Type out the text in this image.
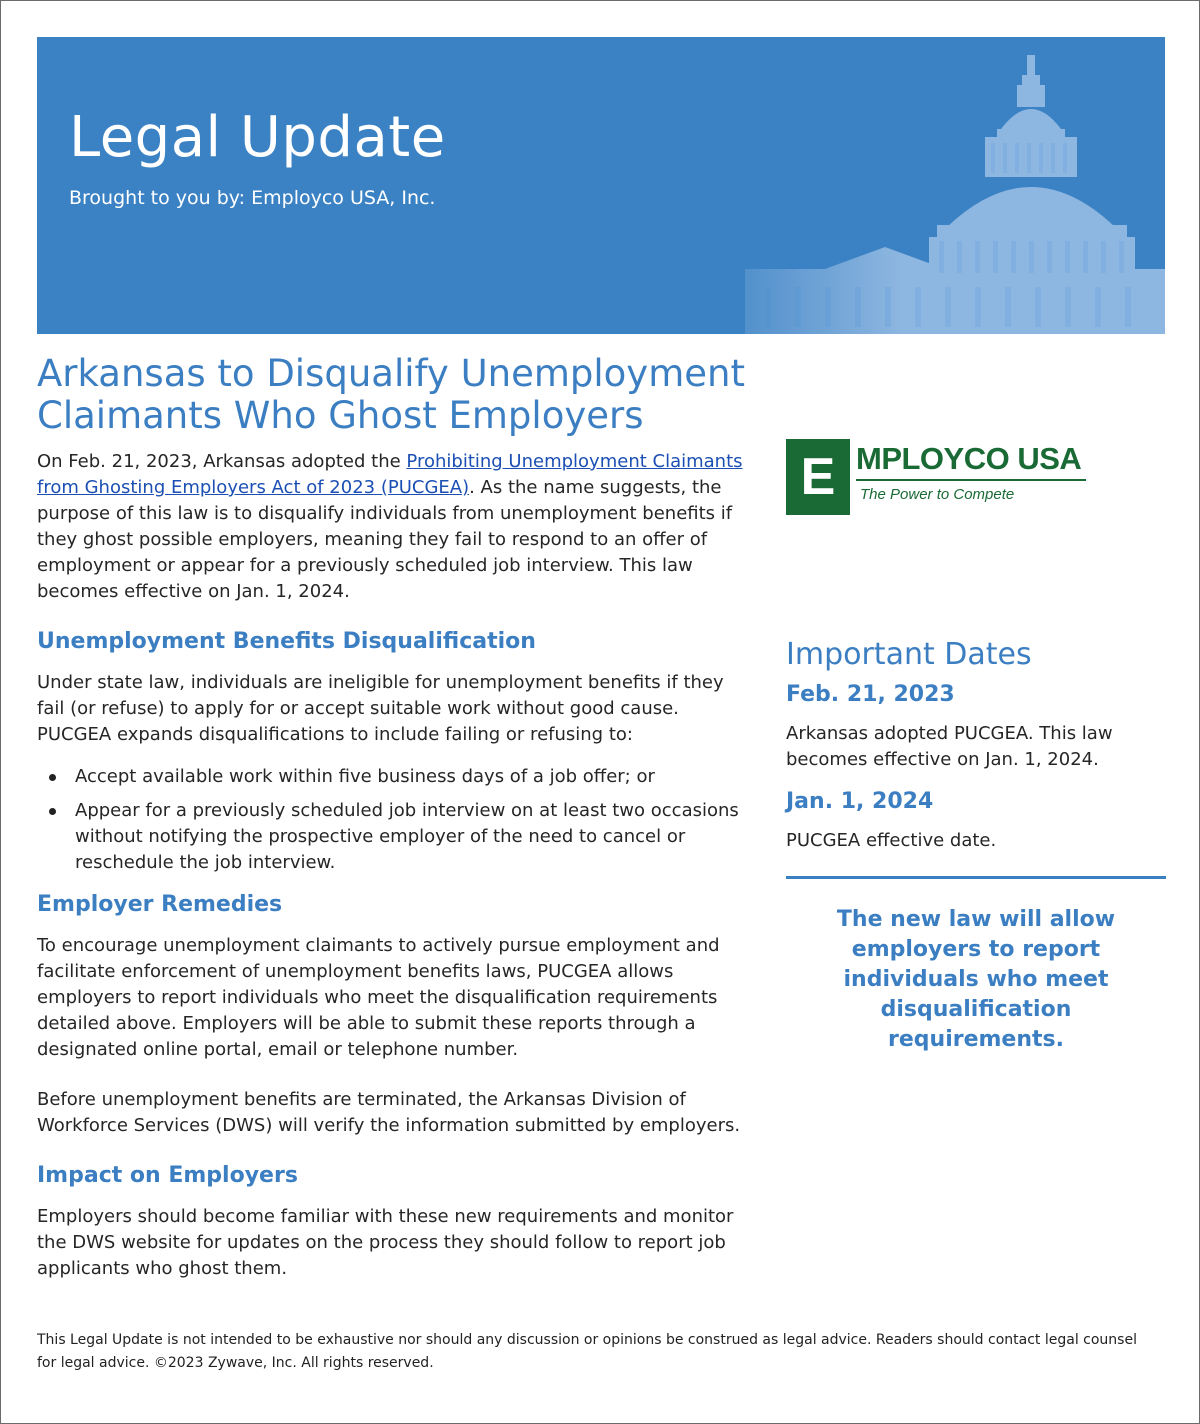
Legal Update
Brought to you by: Employco USA, Inc.
Arkansas to Disqualify Unemployment Claimants Who Ghost Employers

On Feb. 21, 2023, Arkansas adopted the Prohibiting Unemployment Claimants from Ghosting Employers Act of 2023 (PUCGEA). As the name suggests, the purpose of this law is to disqualify individuals from unemployment benefits if they ghost possible employers, meaning they fail to respond to an offer of employment or appear for a previously scheduled job interview. This law becomes effective on Jan. 1, 2024.

Unemployment Benefits Disqualification

Under state law, individuals are ineligible for unemployment benefits if they fail (or refuse) to apply for or accept suitable work without good cause. PUCGEA expands disqualifications to include failing or refusing to:

Accept available work within five business days of a job offer; or
Appear for a previously scheduled job interview on at least two occasions without notifying the prospective employer of the need to cancel or reschedule the job interview.
Employer Remedies

To encourage unemployment claimants to actively pursue employment and facilitate enforcement of unemployment benefits laws, PUCGEA allows employers to report individuals who meet the disqualification requirements detailed above. Employers will be able to submit these reports through a designated online portal, email or telephone number.

Before unemployment benefits are terminated, the Arkansas Division of Workforce Services (DWS) will verify the information submitted by employers.

Impact on Employers

Employers should become familiar with these new requirements and monitor the DWS website for updates on the process they should follow to report job applicants who ghost them.

E MPLOYCO USA
The Power to Compete
Important Dates
Feb. 21, 2023

Arkansas adopted PUCGEA. This law becomes effective on Jan. 1, 2024.

Jan. 1, 2024

PUCGEA effective date.

The new law will allow employers to report individuals who meet disqualification requirements.

This Legal Update is not intended to be exhaustive nor should any discussion or opinions be construed as legal advice. Readers should contact legal counsel for legal advice. ©2023 Zywave, Inc. All rights reserved.
